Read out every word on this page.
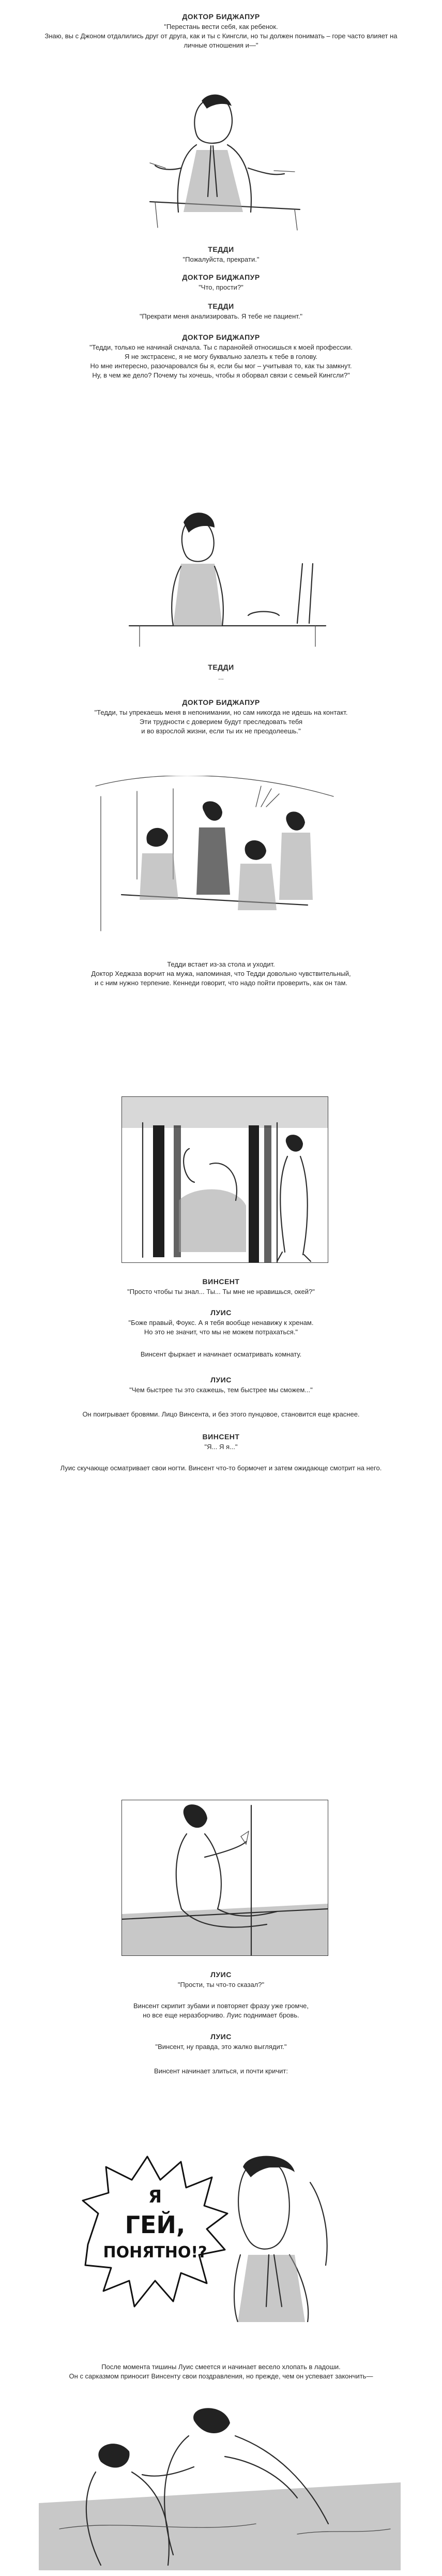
Я
ГЕЙ,
ПОНЯТНО!?
ДОКТОР БИДЖАПУР
"Перестань вести себя, как ребенок.
Знаю, вы с Джоном отдалились друг от друга, как и ты с Кингсли, но ты должен понимать – горе часто влияет на личные отношения и—"
ТЕДДИ
"Пожалуйста, прекрати."
ДОКТОР БИДЖАПУР
"Что, прости?"
ТЕДДИ
"Прекрати меня анализировать. Я тебе не пациент."
ДОКТОР БИДЖАПУР
"Тедди, только не начинай сначала. Ты с паранойей относишься к моей профессии.
Я не экстрасенс, я не могу буквально залезть к тебе в голову.
Но мне интересно, разочаровался бы я, если бы мог – учитывая то, как ты замкнут.
Ну, в чем же дело? Почему ты хочешь, чтобы я оборвал связи с семьей Кингсли?"
ТЕДДИ
...
ДОКТОР БИДЖАПУР
"Тедди, ты упрекаешь меня в непонимании, но сам никогда не идешь на контакт.
Эти трудности с доверием будут преследовать тебя
и во взрослой жизни, если ты их не преодолеешь."
Тедди встает из-за стола и уходит.
Доктор Хеджаза ворчит на мужа, напоминая, что Тедди довольно чувствительный,
и с ним нужно терпение. Кеннеди говорит, что надо пойти проверить, как он там.
ВИНСЕНТ
"Просто чтобы ты знал... Ты... Ты мне не нравишься, окей?"
ЛУИС
"Боже правый, Фоукс. А я тебя вообще ненавижу к хренам.
Но это не значит, что мы не можем потрахаться."
Винсент фыркает и начинает осматривать комнату.
ЛУИС
"Чем быстрее ты это скажешь, тем быстрее мы сможем..."
Он поигрывает бровями. Лицо Винсента, и без этого пунцовое, становится еще краснее.
ВИНСЕНТ
"Я... Я я..."
Луис скучающе осматривает свои ногти. Винсент что-то бормочет и затем ожидающе смотрит на него.
ЛУИС
"Прости, ты что-то сказал?"
Винсент скрипит зубами и повторяет фразу уже громче,
но все еще неразборчиво. Луис поднимает бровь.
ЛУИС
"Винсент, ну правда, это жалко выглядит."
Винсент начинает злиться, и почти кричит:
После момента тишины Луис смеется и начинает весело хлопать в ладоши.
Он с сарказмом приносит Винсенту свои поздравления, но прежде, чем он успевает закончить—
